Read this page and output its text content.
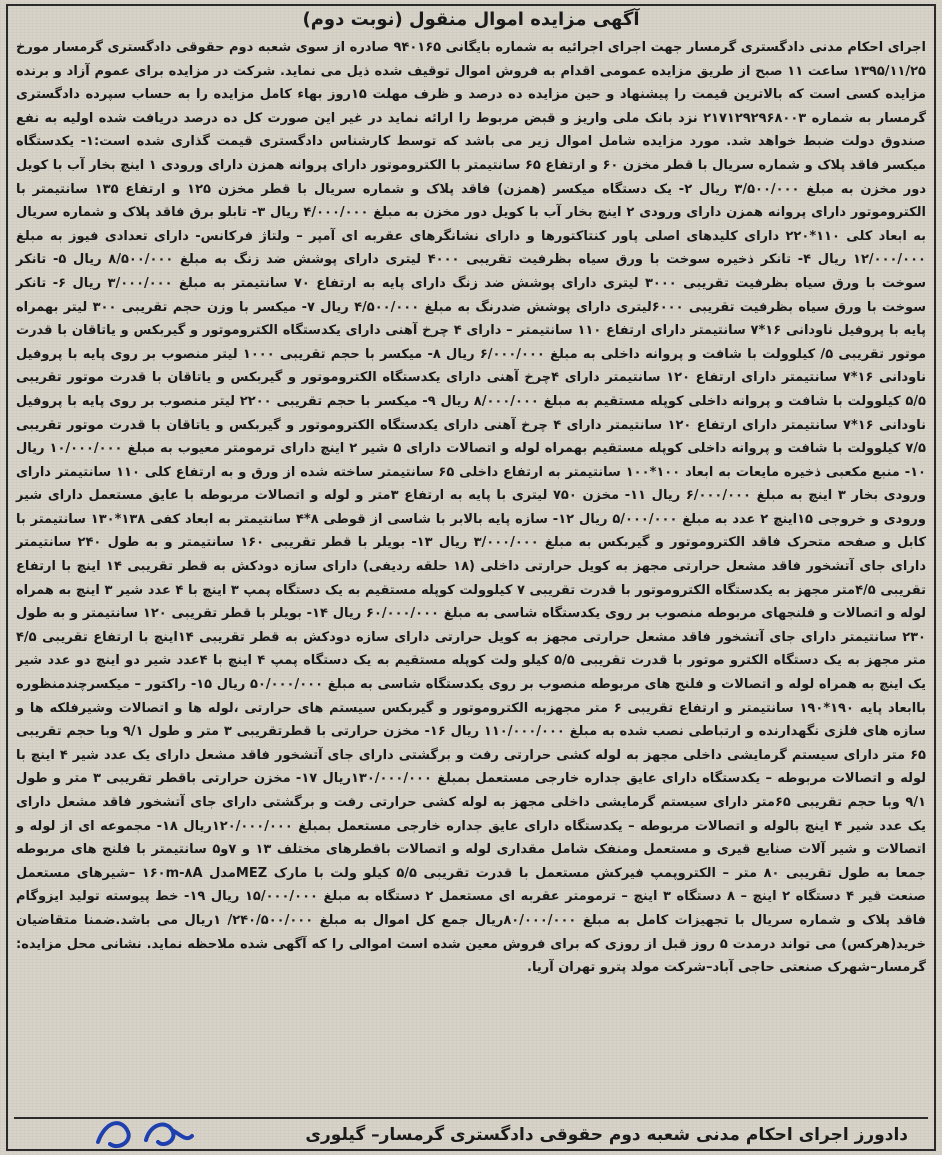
آگهی مزایده اموال منقول (نوبت دوم)
اجرای احکام مدنی دادگستری گرمسار جهت اجرای اجرائیه به شماره بایگانی ۹۴۰۱۶۵ صادره از سوی شعبه دوم حقوقی دادگستری گرمسار مورخ ۱۳۹۵/۱۱/۲۵ ساعت ۱۱ صبح از طریق مزایده عمومی اقدام به فروش اموال توقیف شده ذیل می نماید. شرکت در مزایده برای عموم آزاد و برنده مزایده کسی است که بالاترین قیمت را پیشنهاد و حین مزایده ده درصد و ظرف مهلت ۱۵روز بهاء کامل مزایده را به حساب سپرده دادگستری گرمسار به شماره ۲۱۷۱۲۹۲۹۶۸۰۰۳ نزد بانک ملی واریز و قبض مربوط را ارائه نماید در غیر این صورت کل ده درصد دریافت شده اولیه به نفع صندوق دولت ضبط خواهد شد. مورد مزایده شامل اموال زیر می باشد که توسط کارشناس دادگستری قیمت گذاری شده است:۱- یکدستگاه میکسر فاقد پلاک و شماره سریال با قطر مخزن ۶۰ و ارتفاع ۶۵ سانتیمتر با الکتروموتور دارای پروانه همزن دارای ورودی ۱ اینچ بخار آب با کویل دور مخزن به مبلغ ۳/۵۰۰/۰۰۰ ریال ۲- یک دستگاه میکسر (همزن) فاقد پلاک و شماره سریال با قطر مخزن ۱۲۵ و ارتفاع ۱۳۵ سانتیمتر با الکتروموتور دارای پروانه همزن دارای ورودی ۲ اینچ بخار آب با کویل دور مخزن به مبلغ ۴/۰۰۰/۰۰۰ ریال ۳- تابلو برق فاقد پلاک و شماره سریال به ابعاد کلی ۱۱۰*۲۲۰ دارای کلیدهای اصلی پاور کنتاکتورها و دارای نشانگرهای عقربه ای آمپر – ولتاژ فرکانس- دارای تعدادی فیوز به مبلغ ۱۲/۰۰۰/۰۰۰ ریال ۴- تانکر ذخیره سوخت با ورق سیاه بظرفیت تقریبی ۴۰۰۰ لیتری دارای پوشش ضد زنگ به مبلغ ۸/۵۰۰/۰۰۰ ریال ۵- تانکر سوخت با ورق سیاه بظرفیت تقریبی ۳۰۰۰ لیتری دارای پوشش ضد زنگ دارای پایه به ارتفاع ۷۰ سانتیمتر به مبلغ ۳/۰۰۰/۰۰۰ ریال ۶- تانکر سوخت با ورق سیاه بظرفیت تقریبی ۶۰۰۰لیتری دارای پوشش ضدرنگ به مبلغ ۴/۵۰۰/۰۰۰ ریال ۷- میکسر با وزن حجم تقریبی ۳۰۰ لیتر بهمراه پایه با پروفیل ناودانی ۱۶*۷ سانتیمتر دارای ارتفاع ۱۱۰ سانتیمتر – دارای ۴ چرخ آهنی دارای یکدستگاه الکتروموتور و گیربکس و یاتاقان با قدرت موتور تقریبی ۵/ کیلوولت با شافت و پروانه داخلی به مبلغ ۶/۰۰۰/۰۰۰ ریال ۸- میکسر با حجم تقریبی ۱۰۰۰ لیتر منصوب بر روی پایه با پروفیل ناودانی ۱۶*۷ سانتیمتر دارای ارتفاع ۱۲۰ سانتیمتر دارای ۴چرخ آهنی دارای یکدستگاه الکتروموتور و گیربکس و یاتاقان با قدرت موتور تقریبی ۵/۵ کیلوولت با شافت و پروانه داخلی کوپله مستقیم به مبلغ ۸/۰۰۰/۰۰۰ ریال ۹- میکسر با حجم تقریبی ۲۲۰۰ لیتر منصوب بر روی پایه با پروفیل ناودانی ۱۶*۷ سانتیمتر دارای ارتفاع ۱۲۰ سانتیمتر دارای ۴ چرخ آهنی دارای یکدستگاه الکتروموتور و گیربکس و یاتاقان با قدرت موتور تقریبی ۷/۵ کیلوولت با شافت و پروانه داخلی کوپله مستقیم بهمراه لوله و اتصالات دارای ۵ شیر ۲ اینچ دارای ترمومتر معیوب به مبلغ ۱۰/۰۰۰/۰۰۰ ریال ۱۰- منبع مکعبی ذخیره مایعات به ابعاد ۱۰۰*۱۰۰ سانتیمتر به ارتفاع داخلی ۶۵ سانتیمتر ساخته شده از ورق و به ارتفاع کلی ۱۱۰ سانتیمتر دارای ورودی بخار ۳ اینچ به مبلغ ۶/۰۰۰/۰۰۰ ریال ۱۱- مخزن ۷۵۰ لیتری با پایه به ارتفاع ۳متر و لوله و اتصالات مربوطه با عایق مستعمل دارای شیر ورودی و خروجی ۱۵اینچ ۲ عدد به مبلغ ۵/۰۰۰/۰۰۰ ریال ۱۲- سازه پایه بالابر با شاسی از قوطی ۸*۴ سانتیمتر به ابعاد کفی ۱۳۸*۱۳۰ سانتیمتر با کابل و صفحه متحرک فاقد الکتروموتور و گیربکس به مبلغ ۳/۰۰۰/۰۰۰ ریال ۱۳- بویلر با قطر تقریبی ۱۶۰ سانتیمتر و به طول ۲۴۰ سانتیمتر دارای جای آتشخور فاقد مشعل حرارتی مجهز به کویل حرارتی داخلی (۱۸ حلقه ردیفی) دارای سازه دودکش به قطر تقریبی ۱۴ اینچ با ارتفاع تقریبی ۴/۵متر مجهز به یکدستگاه الکتروموتور با قدرت تقریبی ۷ کیلوولت کوپله مستقیم به یک دستگاه پمپ ۳ اینچ با ۴ عدد شیر ۳ اینچ به همراه لوله و اتصالات و فلنجهای مربوطه منصوب بر روی یکدستگاه شاسی به مبلغ ۶۰/۰۰۰/۰۰۰ ریال ۱۴- بویلر با قطر تقریبی ۱۲۰ سانتیمتر و به طول ۲۳۰ سانتیمتر دارای جای آتشخور فاقد مشعل حرارتی مجهز به کویل حرارتی دارای سازه دودکش به قطر تقریبی ۱۴اینچ با ارتفاع تقریبی ۴/۵ متر مجهز به یک دستگاه الکترو موتور با قدرت تقریبی ۵/۵ کیلو ولت کوپله مستقیم به یک دستگاه پمپ ۴ اینچ با ۴عدد شیر دو اینچ دو عدد شیر یک اینچ به همراه لوله و اتصالات و فلنج های مربوطه منصوب بر روی یکدستگاه شاسی به مبلغ ۵۰/۰۰۰/۰۰۰ ریال ۱۵- راکتور – میکسرچندمنظوره باابعاد پایه ۱۹۰*۱۹۰ سانتیمتر و ارتفاع تقریبی ۶ متر مجهزبه الکتروموتور و گیربکس سیستم های حرارتی ،لوله ها و اتصالات وشیرفلکه ها و سازه های فلزی نگهدارنده و ارتباطی نصب شده به مبلغ ۱۱۰/۰۰۰/۰۰۰ ریال ۱۶- مخزن حرارتی با قطرتقریبی ۳ متر و طول ۹/۱ وبا حجم تقریبی ۶۵ متر دارای سیستم گرمایشی داخلی مجهز به لوله کشی حرارتی رفت و برگشتی دارای جای آتشخور فاقد مشعل دارای یک عدد شیر ۴ اینچ با لوله و اتصالات مربوطه – یکدستگاه دارای عایق جداره خارجی مستعمل بمبلغ ۱۳۰/۰۰۰/۰۰۰ریال ۱۷- مخزن حرارتی باقطر تقریبی ۳ متر و طول ۹/۱ وبا حجم تقریبی ۶۵متر دارای سیستم گرمایشی داخلی مجهز به لوله کشی حرارتی رفت و برگشتی دارای جای آتشخور فاقد مشعل دارای یک عدد شیر ۴ اینچ بالوله و اتصالات مربوطه – یکدستگاه دارای عایق جداره خارجی مستعمل بمبلغ ۱۲۰/۰۰۰/۰۰۰ریال ۱۸- مجموعه ای از لوله و اتصالات و شیر آلات صنایع قیری و مستعمل ومنفک شامل مقداری لوله و اتصالات باقطرهای مختلف ۱۳ و ۷و۵ سانتیمتر با فلنج های مربوطه جمعا به طول تقریبی ۸۰ متر – الکتروپمپ فیرکش مستعمل با قدرت تقریبی ۵/۵ کیلو ولت با مارک MEZمدل ۱۶۰m-۸A –شیرهای مستعمل صنعت قیر ۴ دستگاه ۲ اینچ – ۸ دستگاه ۳ اینچ – ترمومتر عقربه ای مستعمل ۲ دستگاه به مبلغ ۱۵/۰۰۰/۰۰۰ ریال ۱۹- خط پیوسته تولید ایزوگام فاقد پلاک و شماره سریال با تجهیزات کامل به مبلغ ۸۰/۰۰۰/۰۰۰ریال جمع کل اموال به مبلغ ۲۴۰/۵۰۰/۰۰۰/ ۱ریال می باشد.ضمنا متقاضیان خرید(هرکس) می تواند درمدت ۵ روز قبل از روزی که برای فروش معین شده است اموالی را که آگهی شده ملاحظه نماید. نشانی محل مزایده: گرمسار–شهرک صنعتی حاجی آباد–شرکت مولد پترو تهران آریا.
دادورز اجرای احکام مدنی شعبه دوم حقوقی دادگستری گرمسار– گیلوری
